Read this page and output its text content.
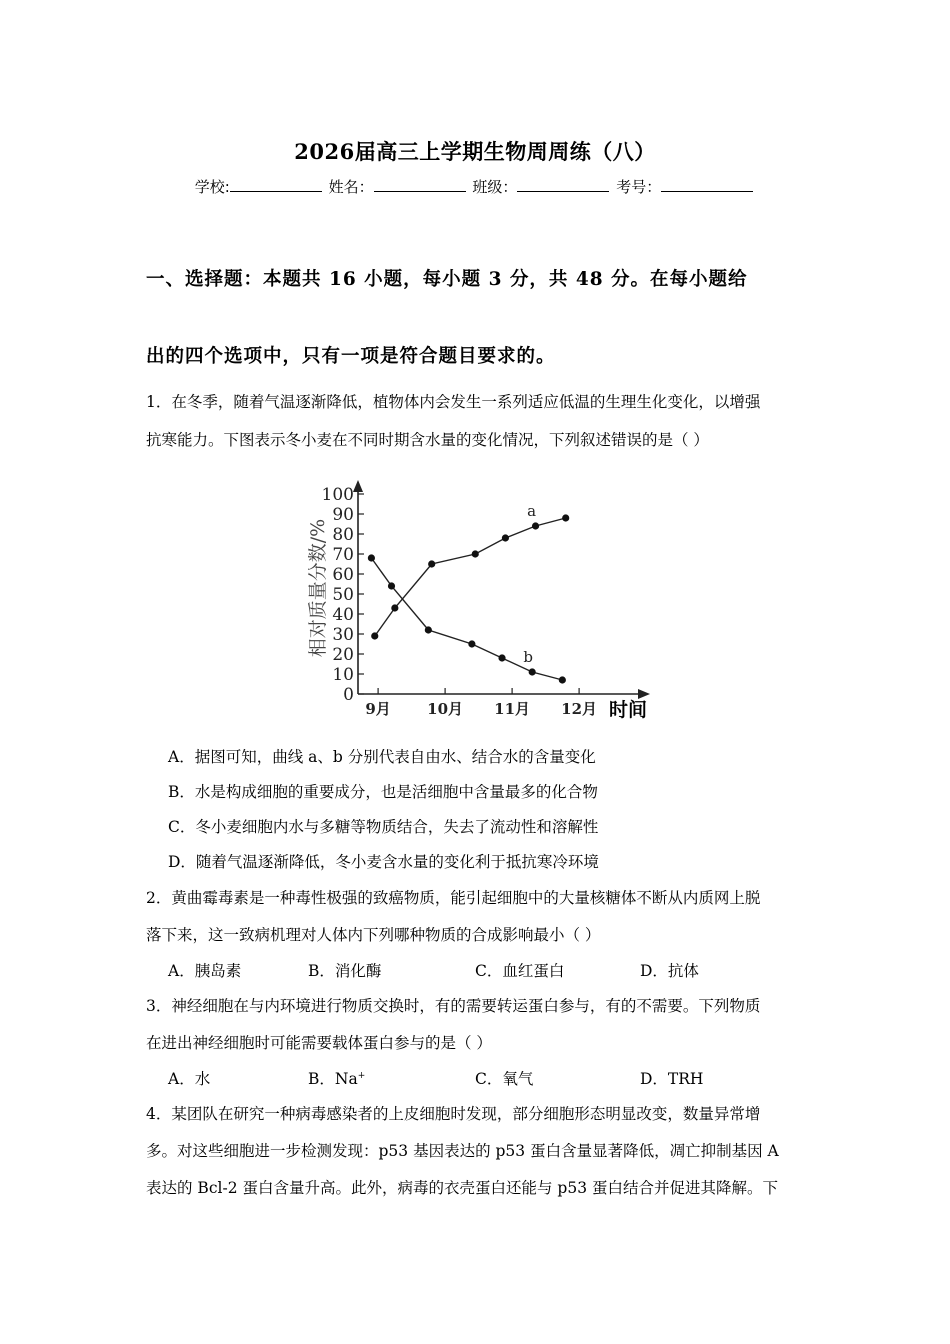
2026届高三上学期生物周周练（八）
学校:	姓名：	班级：	考号：
一、选择题：本题共 16 小题，每小题 3 分，共 48 分。在每小题给
出的四个选项中，只有一项是符合题目要求的。
1．在冬季，随着气温逐渐降低，植物体内会发生一系列适应低温的生理生化变化，以增强
抗寒能力。下图表示冬小麦在不同时期含水量的变化情况，下列叙述错误的是（ ）
0
10
20
30
40
50
60
70
80
90
100
9月 10月 11月 12月
a
b
相对质量分数/%
时间
A．据图可知，曲线 a、b 分别代表自由水、结合水的含量变化
B．水是构成细胞的重要成分，也是活细胞中含量最多的化合物
C．冬小麦细胞内水与多糖等物质结合，失去了流动性和溶解性
D．随着气温逐渐降低，冬小麦含水量的变化利于抵抗寒冷环境
2．黄曲霉毒素是一种毒性极强的致癌物质，能引起细胞中的大量核糖体不断从内质网上脱
落下来，这一致病机理对人体内下列哪种物质的合成影响最小（ ）
A．胰岛素	B．消化酶	C．血红蛋白	D．抗体
3．神经细胞在与内环境进行物质交换时，有的需要转运蛋白参与，有的不需要。下列物质
在进出神经细胞时可能需要载体蛋白参与的是（ ）
A．水	B．Na+	C．氧气	D．TRH
4．某团队在研究一种病毒感染者的上皮细胞时发现，部分细胞形态明显改变，数量异常增
多。对这些细胞进一步检测发现：p53 基因表达的 p53 蛋白含量显著降低，凋亡抑制基因 A
表达的 Bcl-2 蛋白含量升高。此外，病毒的衣壳蛋白还能与 p53 蛋白结合并促进其降解。下
